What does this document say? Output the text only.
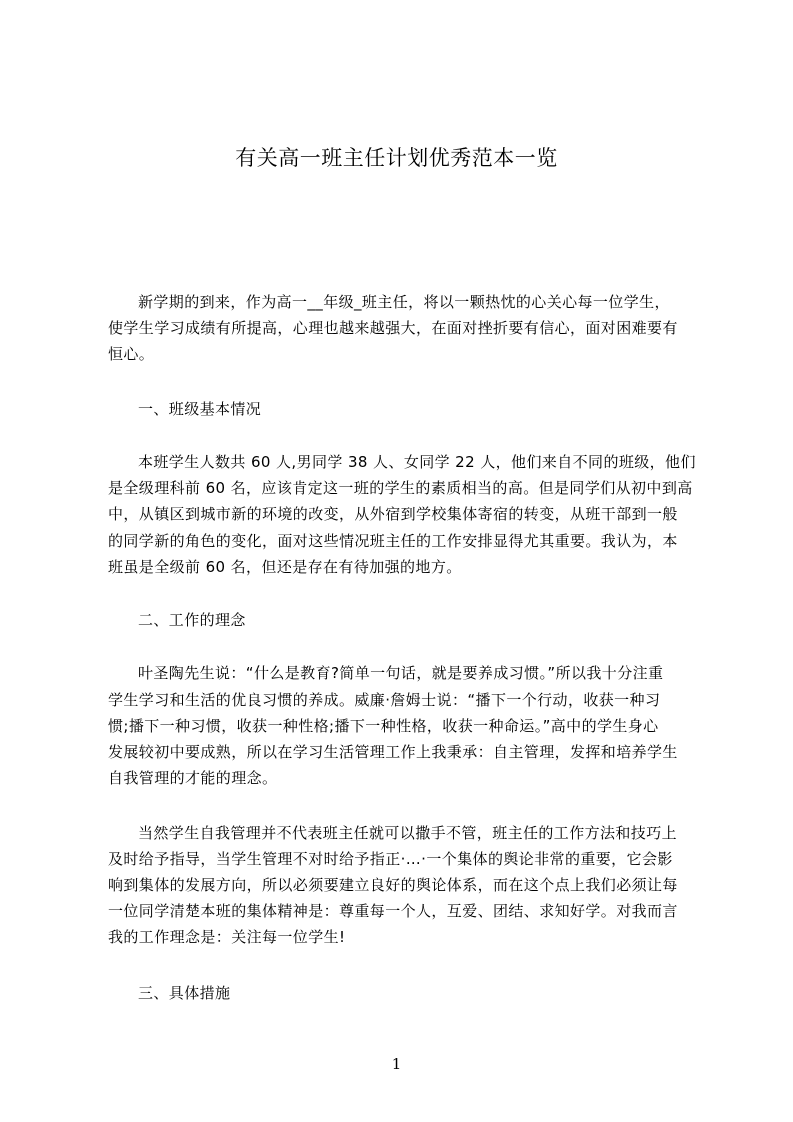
有关高一班主任计划优秀范本一览
新学期的到来，作为高一__年级_班主任，将以一颗热忱的心关心每一位学生，
使学生学习成绩有所提高，心理也越来越强大，在面对挫折要有信心，面对困难要有
恒心。
一、班级基本情况
本班学生人数共 60 人,男同学 38 人、女同学 22 人，他们来自不同的班级，他们
是全级理科前 60 名，应该肯定这一班的学生的素质相当的高。但是同学们从初中到高
中，从镇区到城市新的环境的改变，从外宿到学校集体寄宿的转变，从班干部到一般
的同学新的角色的变化，面对这些情况班主任的工作安排显得尤其重要。我认为，本
班虽是全级前 60 名，但还是存在有待加强的地方。
二、工作的理念
叶圣陶先生说：“什么是教育?简单一句话，就是要养成习惯。”所以我十分注重
学生学习和生活的优良习惯的养成。威廉·詹姆士说：“播下一个行动，收获一种习
惯;播下一种习惯，收获一种性格;播下一种性格，收获一种命运。”高中的学生身心
发展较初中要成熟，所以在学习生活管理工作上我秉承：自主管理，发挥和培养学生
自我管理的才能的理念。
当然学生自我管理并不代表班主任就可以撒手不管，班主任的工作方法和技巧上
及时给予指导，当学生管理不对时给予指正·…·一个集体的舆论非常的重要，它会影
响到集体的发展方向，所以必须要建立良好的舆论体系，而在这个点上我们必须让每
一位同学清楚本班的集体精神是：尊重每一个人，互爱、团结、求知好学。对我而言
我的工作理念是：关注每一位学生!
三、具体措施
1
